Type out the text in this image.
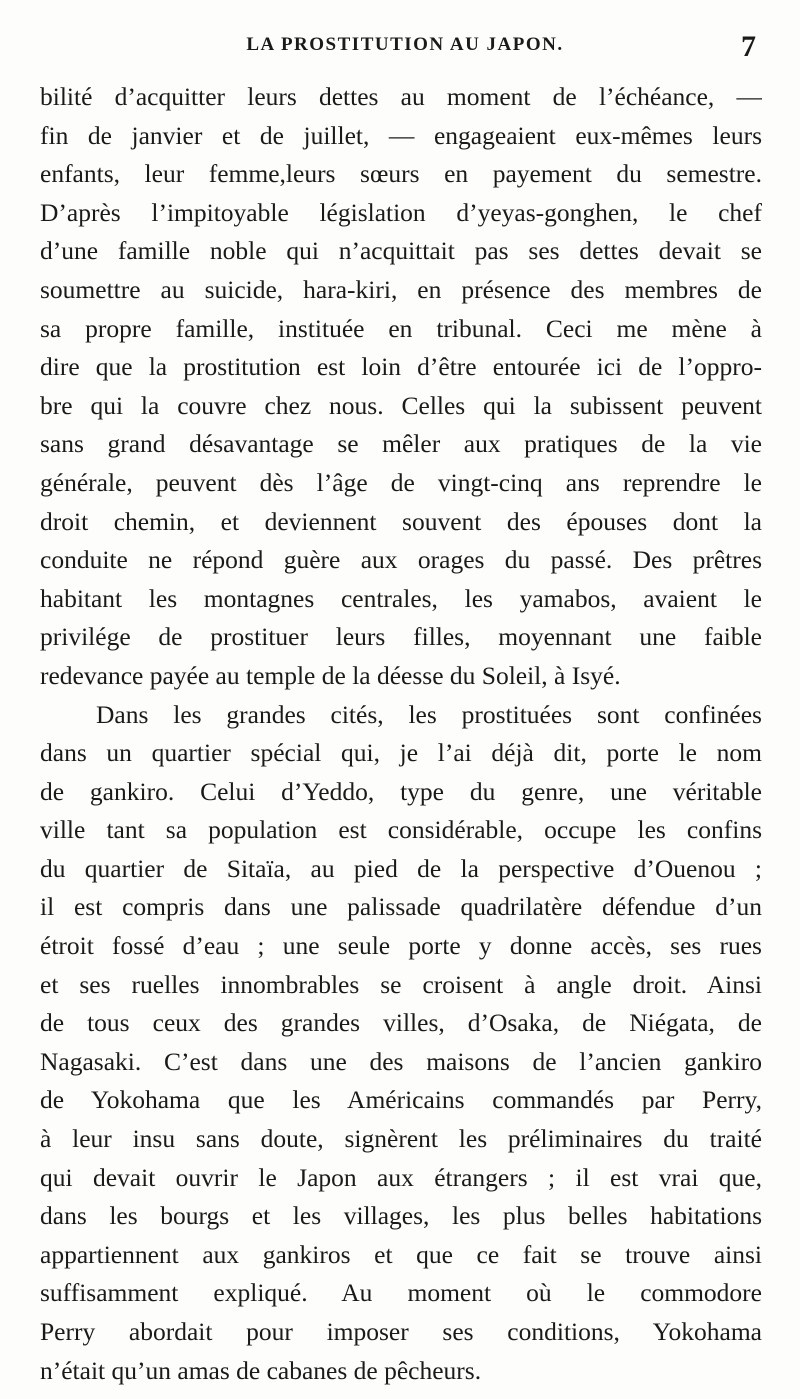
LA PROSTITUTION AU JAPON.	7
bilité d’acquitter leurs dettes au moment de l’échéance, —
fin de janvier et de juillet, — engageaient eux-mêmes leurs
enfants, leur femme,leurs sœurs en payement du semestre.
D’après l’impitoyable législation d’yeyas-gonghen, le chef
d’une famille noble qui n’acquittait pas ses dettes devait se
soumettre au suicide, hara-kiri, en présence des membres de
sa propre famille, instituée en tribunal. Ceci me mène à
dire que la prostitution est loin d’être entourée ici de l’oppro-
bre qui la couvre chez nous. Celles qui la subissent peuvent
sans grand désavantage se mêler aux pratiques de la vie
générale, peuvent dès l’âge de vingt-cinq ans reprendre le
droit chemin, et deviennent souvent des épouses dont la
conduite ne répond guère aux orages du passé. Des prêtres
habitant les montagnes centrales, les yamabos, avaient le
privilége de prostituer leurs filles, moyennant une faible
redevance payée au temple de la déesse du Soleil, à Isyé.
Dans les grandes cités, les prostituées sont confinées
dans un quartier spécial qui, je l’ai déjà dit, porte le nom
de gankiro. Celui d’Yeddo, type du genre, une véritable
ville tant sa population est considérable, occupe les confins
du quartier de Sitaïa, au pied de la perspective d’Ouenou ;
il est compris dans une palissade quadrilatère défendue d’un
étroit fossé d’eau ; une seule porte y donne accès, ses rues
et ses ruelles innombrables se croisent à angle droit. Ainsi
de tous ceux des grandes villes, d’Osaka, de Niégata, de
Nagasaki. C’est dans une des maisons de l’ancien gankiro
de Yokohama que les Américains commandés par Perry,
à leur insu sans doute, signèrent les préliminaires du traité
qui devait ouvrir le Japon aux étrangers ; il est vrai que,
dans les bourgs et les villages, les plus belles habitations
appartiennent aux gankiros et que ce fait se trouve ainsi
suffisamment expliqué. Au moment où le commodore
Perry abordait pour imposer ses conditions, Yokohama
n’était qu’un amas de cabanes de pêcheurs.
